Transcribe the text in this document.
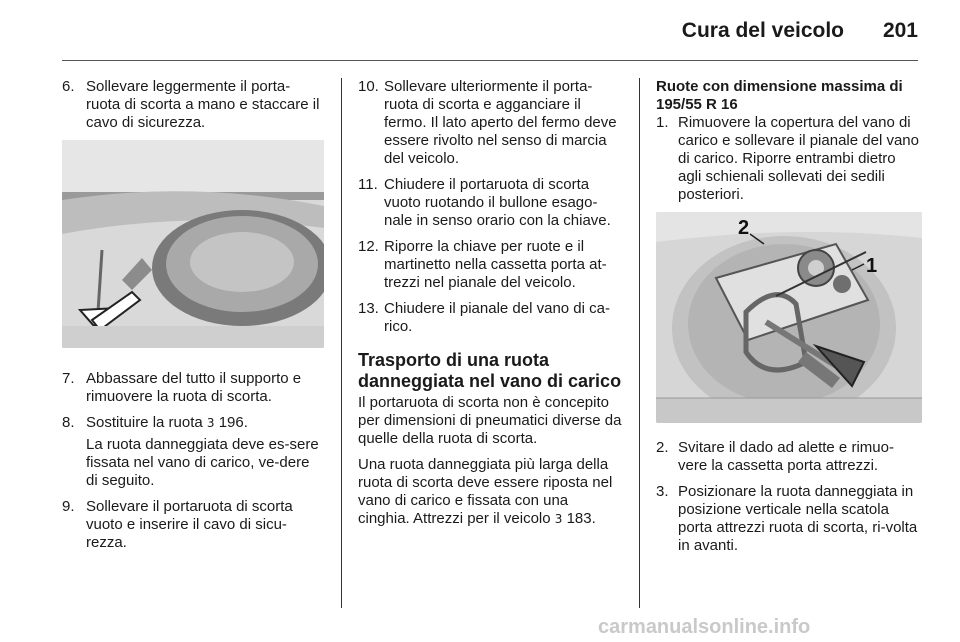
Cura del veicolo 201
6. Sollevare leggermente il porta-ruota di scorta a mano e staccare il cavo di sicurezza.
7. Abbassare del tutto il supporto e rimuovere la ruota di scorta.
8. Sostituire la ruota 3 196.
La ruota danneggiata deve es-sere fissata nel vano di carico, ve-dere di seguito.
9. Sollevare il portaruota di scorta vuoto e inserire il cavo di sicu-rezza.
10. Sollevare ulteriormente il porta-ruota di scorta e agganciare il fermo. Il lato aperto del fermo deve essere rivolto nel senso di marcia del veicolo.
11. Chiudere il portaruota di scorta vuoto ruotando il bullone esago-nale in senso orario con la chiave.
12. Riporre la chiave per ruote e il martinetto nella cassetta porta at-trezzi nel pianale del veicolo.
13. Chiudere il pianale del vano di ca-rico.
Trasporto di una ruota danneggiata nel vano di carico

Il portaruota di scorta non è concepito per dimensioni di pneumatici diverse da quelle della ruota di scorta.

Una ruota danneggiata più larga della ruota di scorta deve essere riposta nel vano di carico e fissata con una cinghia. Attrezzi per il veicolo 3 183.

Ruote con dimensione massima di 195/55 R 16
1. Rimuovere la copertura del vano di carico e sollevare il pianale del vano di carico. Riporre entrambi dietro agli schienali sollevati dei sedili posteriori.
2
1
2. Svitare il dado ad alette e rimuo-vere la cassetta porta attrezzi.
3. Posizionare la ruota danneggiata in posizione verticale nella scatola porta attrezzi ruota di scorta, ri-volta in avanti.
carmanualsonline.info
